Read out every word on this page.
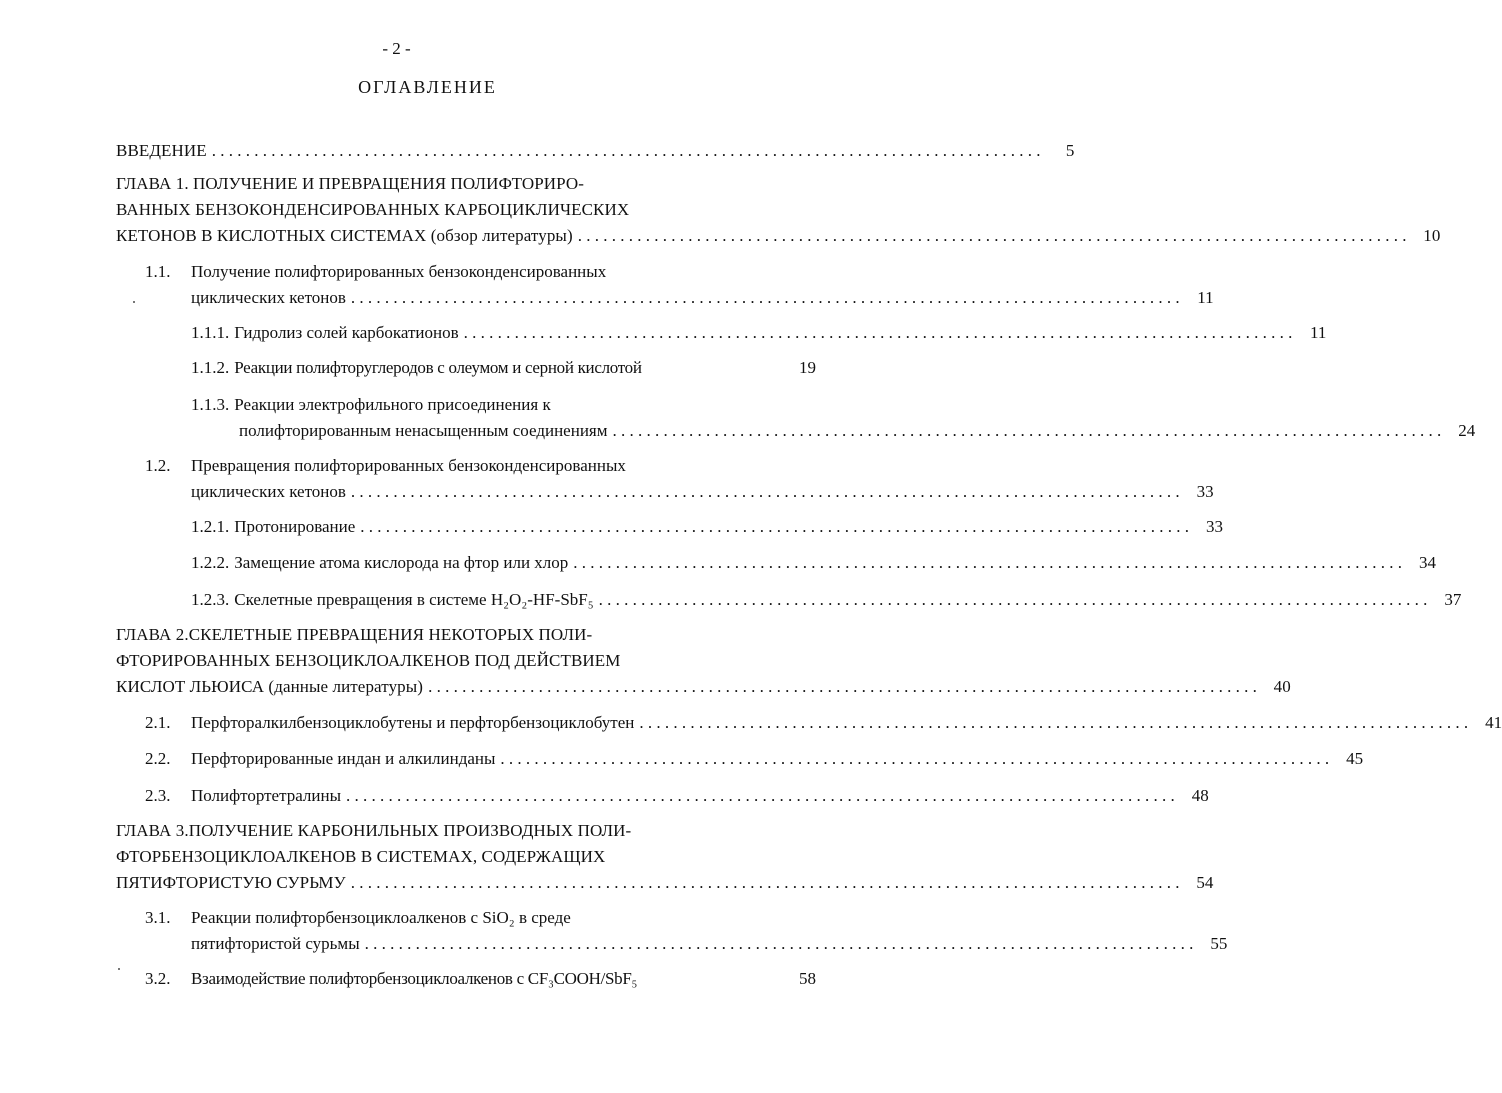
- 2 -
ОГЛАВЛЕНИЕ
ВВЕДЕНИЕ . . .	5
ГЛАВА 1. ПОЛУЧЕНИЕ И ПРЕВРАЩЕНИЯ ПОЛИФТОРИРО-
ВАННЫХ БЕНЗОКОНДЕНСИРОВАННЫХ КАРБОЦИКЛИЧЕСКИХ
КЕТОНОВ В КИСЛОТНЫХ СИСТЕМАХ (обзор литературы) . . .	10
1.1. Получение полифторированных бензоконденсированных
циклических кетонов . . .	11
1.1.1. Гидролиз солей карбокатионов . . .	11
1.1.2. Реакции полифторуглеродов с олеумом и серной кислотой	19
1.1.3. Реакции электрофильного присоединения к
полифторированным ненасыщенным соединениям . . .	24
1.2. Превращения полифторированных бензоконденсированных
циклических кетонов . . .	33
1.2.1. Протонирование . . .	33
1.2.2. Замещение атома кислорода на фтор или хлор . . .	34
1.2.3. Скелетные превращения в системе H₂O₂-HF-SbF₅ . . .	37
ГЛАВА 2.СКЕЛЕТНЫЕ ПРЕВРАЩЕНИЯ НЕКОТОРЫХ ПОЛИ-
ФТОРИРОВАННЫХ БЕНЗОЦИКЛОАЛКЕНОВ ПОД ДЕЙСТВИЕМ
КИСЛОТ ЛЬЮИСА (данные литературы) . . .	40
2.1. Перфторалкилбензоциклобутены и перфторбензоциклобутен . . .	41
2.2. Перфторированные индан и алкилинданы . . .	45
2.3. Полифтортетралины . . .	48
ГЛАВА 3.ПОЛУЧЕНИЕ КАРБОНИЛЬНЫХ ПРОИЗВОДНЫХ ПОЛИ-
ФТОРБЕНЗОЦИКЛОАЛКЕНОВ В СИСТЕМАХ, СОДЕРЖАЩИХ
ПЯТИФТОРИСТУЮ СУРЬМУ . . .	54
3.1. Реакции полифторбензоциклоалкенов с SiO₂ в среде
пятифтористой сурьмы . . .	55
3.2. Взаимодействие полифторбензоциклоалкенов с CF₃COOH/SbF₅	58
